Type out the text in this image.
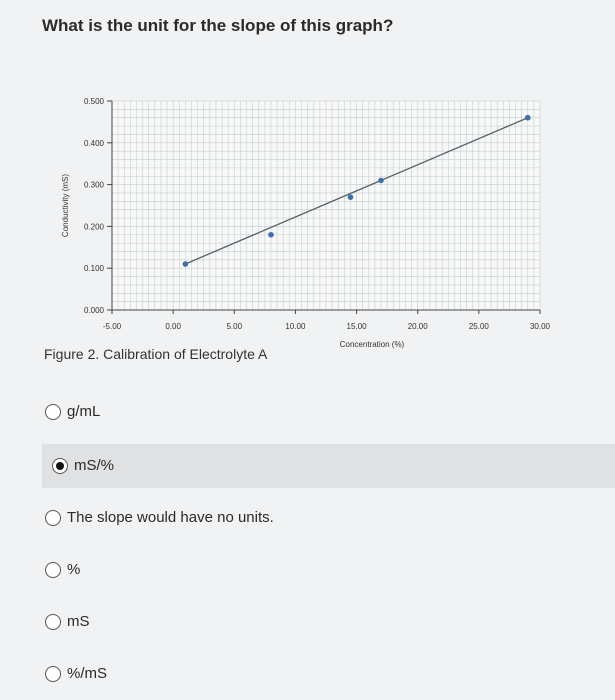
What is the unit for the slope of this graph?
0.000
0.100
0.200
0.300
0.400
0.500
-5.00	0.00	5.00	10.00	15.00	20.00	25.00	30.00
Conductivity (mS)
Concentration (%)
Figure 2. Calibration of Electrolyte A
g/mL
mS/%
The slope would have no units.
%
mS
%/mS
